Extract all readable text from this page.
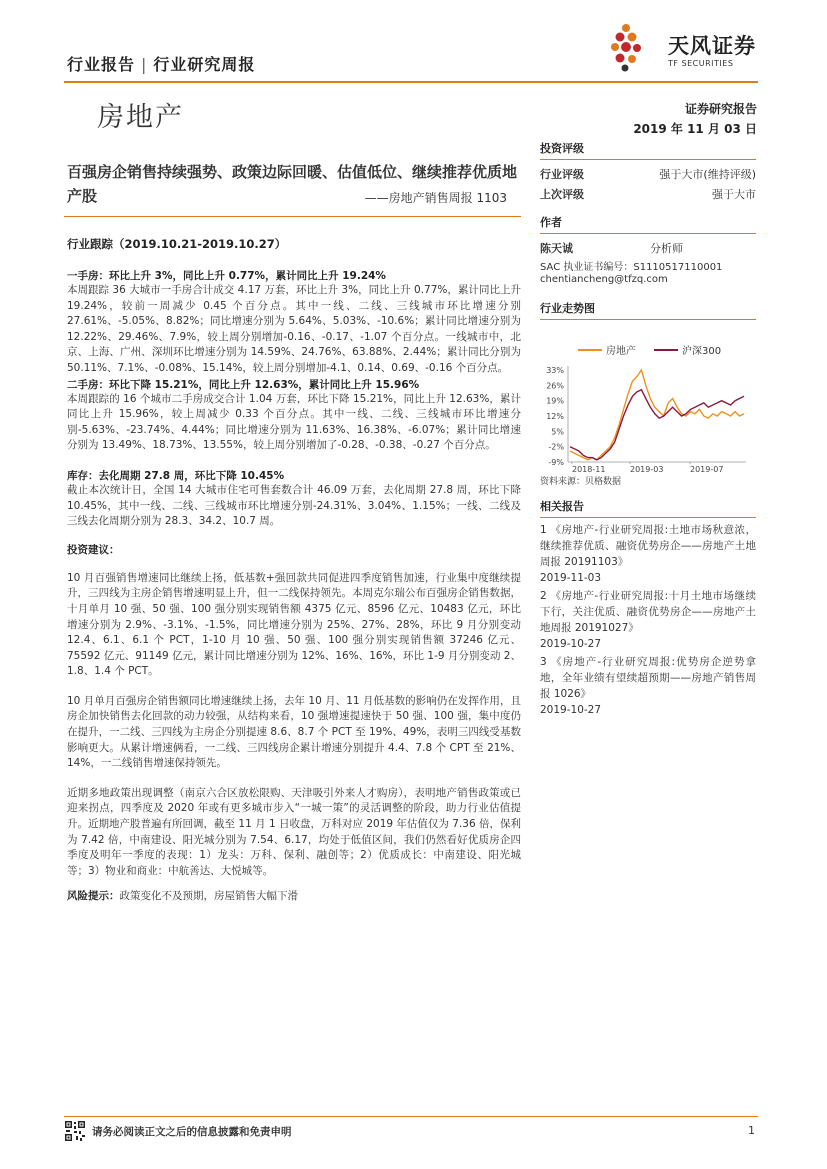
行业报告 | 行业研究周报
天风证券
TF SECURITIES
房地产	证券研究报告
2019 年 11 月 03 日
百强房企销售持续强势、政策边际回暖、估值低位、继续推荐优质地产股	——房地产销售周报 1103
行业跟踪（2019.10.21-2019.10.27）
一手房：环比上升 3%，同比上升 0.77%，累计同比上升 19.24%
本周跟踪 36 大城市一手房合计成交 4.17 万套，环比上升 3%，同比上升 0.77%，累计同比上升 19.24%，较前一周减少 0.45 个百分点。其中一线、二线、三线城市环比增速分别 27.61%、-5.05%、8.82%；同比增速分别为 5.64%、5.03%、-10.6%；累计同比增速分别为 12.22%、29.46%、7.9%，较上周分别增加-0.16、-0.17、-1.07 个百分点。一线城市中，北京、上海、广州、深圳环比增速分别为 14.59%、24.76%、63.88%、2.44%；累计同比分别为 50.11%、7.1%、-0.08%、15.14%，较上周分别增加-4.1、0.14、0.69、-0.16 个百分点。
二手房：环比下降 15.21%，同比上升 12.63%，累计同比上升 15.96%
本周跟踪的 16 个城市二手房成交合计 1.04 万套，环比下降 15.21%，同比上升 12.63%，累计同比上升 15.96%，较上周减少 0.33 个百分点。其中一线、二线、三线城市环比增速分别-5.63%、-23.74%、4.44%；同比增速分别为 11.63%、16.38%、-6.07%；累计同比增速分别为 13.49%、18.73%、13.55%，较上周分别增加了-0.28、-0.38、-0.27 个百分点。
库存：去化周期 27.8 周，环比下降 10.45%
截止本次统计日，全国 14 大城市住宅可售套数合计 46.09 万套，去化周期 27.8 周，环比下降 10.45%，其中一线、二线、三线城市环比增速分别-24.31%、3.04%、1.15%；一线、二线及三线去化周期分别为 28.3、34.2、10.7 周。
投资建议：
10 月百强销售增速同比继续上扬，低基数+强回款共同促进四季度销售加速，行业集中度继续提升，三四线为主房企销售增速明显上升，但一二线保持领先。本周克尔瑞公布百强房企销售数据，十月单月 10 强、50 强、100 强分别实现销售额 4375 亿元、8596 亿元、10483 亿元，环比增速分别为 2.9%、-3.1%、-1.5%，同比增速分别为 25%、27%、28%，环比 9 月分别变动 12.4、6.1、6.1 个 PCT，1-10 月 10 强、50 强、100 强分别实现销售额 37246 亿元、75592 亿元、91149 亿元，累计同比增速分别为 12%、16%、16%，环比 1-9 月分别变动 2、1.8、1.4 个 PCT。
10 月单月百强房企销售额同比增速继续上扬，去年 10 月、11 月低基数的影响仍在发挥作用，且房企加快销售去化回款的动力较强，从结构来看，10 强增速提速快于 50 强、100 强，集中度仍在提升，一二线、三四线为主房企分别提速 8.6、8.7 个 PCT 至 19%、49%，表明三四线受基数影响更大。从累计增速俩看，一二线、三四线房企累计增速分别提升 4.4、7.8 个 CPT 至 21%、14%，一二线销售增速保持领先。
近期多地政策出现调整（南京六合区放松限购、天津吸引外来人才购房），表明地产销售政策或已迎来拐点，四季度及 2020 年或有更多城市步入“一城一策”的灵活调整的阶段，助力行业估值提升。近期地产股普遍有所回调，截至 11 月 1 日收盘，万科对应 2019 年估值仅为 7.36 倍，保利为 7.42 倍，中南建设、阳光城分别为 7.54、6.17，均处于低值区间，我们仍然看好优质房企四季度及明年一季度的表现：1）龙头：万科、保利、融创等；2）优质成长：中南建设、阳光城等；3）物业和商业：中航善达、大悦城等。
风险提示：政策变化不及预期，房屋销售大幅下滑
投资评级
行业评级	强于大市(维持评级)
上次评级	强于大市
作者
陈天诚	分析师
SAC 执业证书编号：S1110517110001
chentiancheng@tfzq.com
行业走势图
房地产	沪深300
33%
26%
19%
12%
5%
-2%
-9%
2018-11	2019-03	2019-07
资料来源：贝格数据
相关报告
1 《房地产-行业研究周报:土地市场秋意浓，继续推荐优质、融资优势房企——房地产土地周报 20191103》
2019-11-03
2 《房地产-行业研究周报:十月土地市场继续下行，关注优质、融资优势房企——房地产土地周报 20191027》
2019-10-27
3 《房地产-行业研究周报:优势房企逆势拿地，全年业绩有望续超预期——房地产销售周报 1026》
2019-10-27
请务必阅读正文之后的信息披露和免责申明	1
